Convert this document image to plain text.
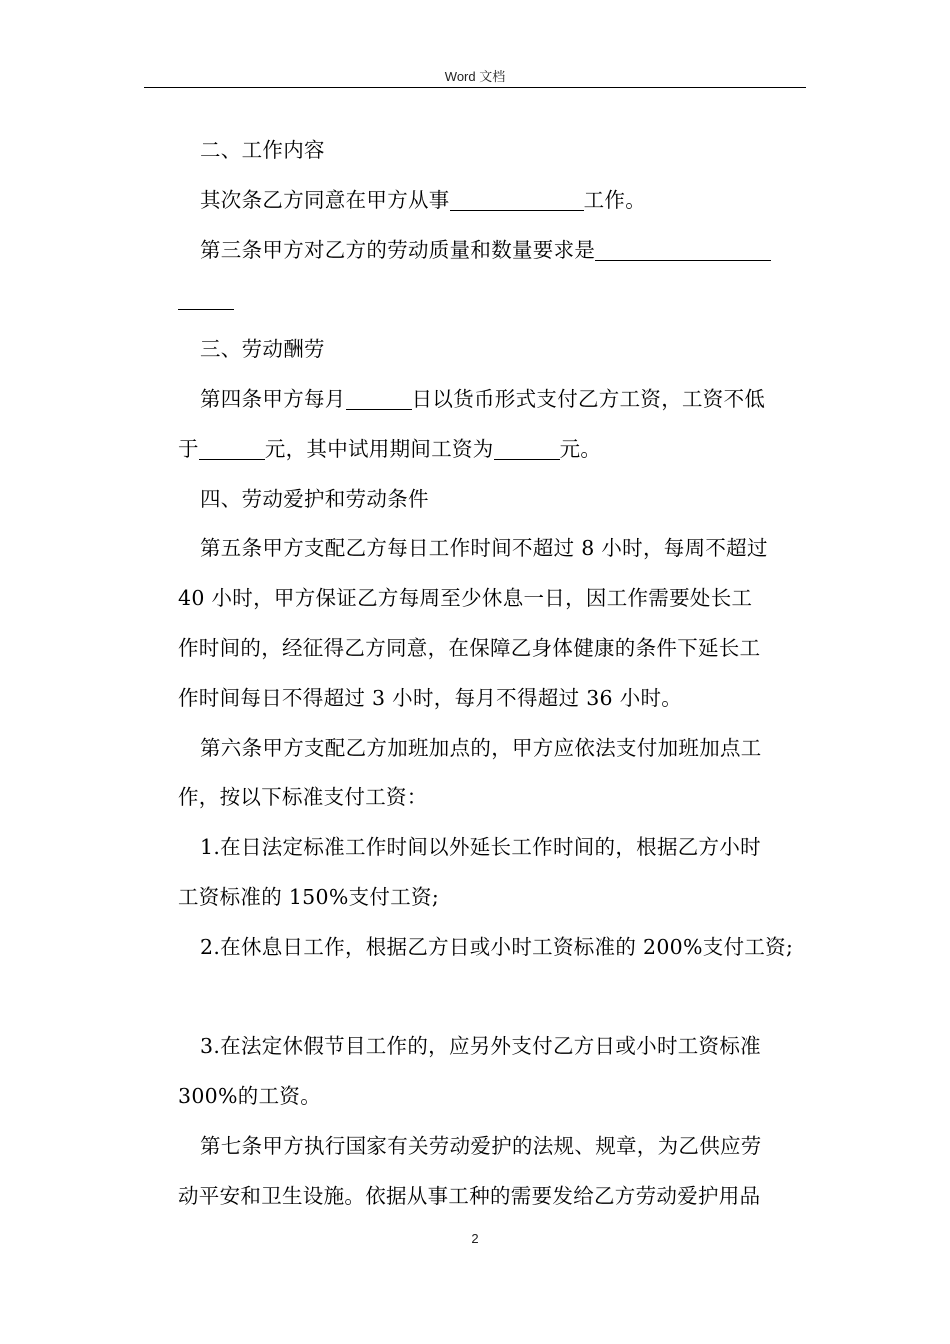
Word 文档
二、工作内容
其次条乙方同意在甲方从事	工作。
第三条甲方对乙方的劳动质量和数量要求是
三、劳动酬劳
第四条甲方每月	日以货币形式支付乙方工资，工资不低
于	元，其中试用期间工资为	元。
四、劳动爱护和劳动条件
第五条甲方支配乙方每日工作时间不超过 8 小时，每周不超过
40 小时，甲方保证乙方每周至少休息一日，因工作需要处长工
作时间的，经征得乙方同意，在保障乙身体健康的条件下延长工
作时间每日不得超过 3 小时，每月不得超过 36 小时。
第六条甲方支配乙方加班加点的，甲方应依法支付加班加点工
作，按以下标准支付工资：
1.在日法定标准工作时间以外延长工作时间的，根据乙方小时
工资标准的 150%支付工资;
2.在休息日工作，根据乙方日或小时工资标准的 200%支付工资;
3.在法定休假节目工作的，应另外支付乙方日或小时工资标准
300%的工资。
第七条甲方执行国家有关劳动爱护的法规、规章，为乙供应劳
动平安和卫生设施。依据从事工种的需要发给乙方劳动爱护用品
2
